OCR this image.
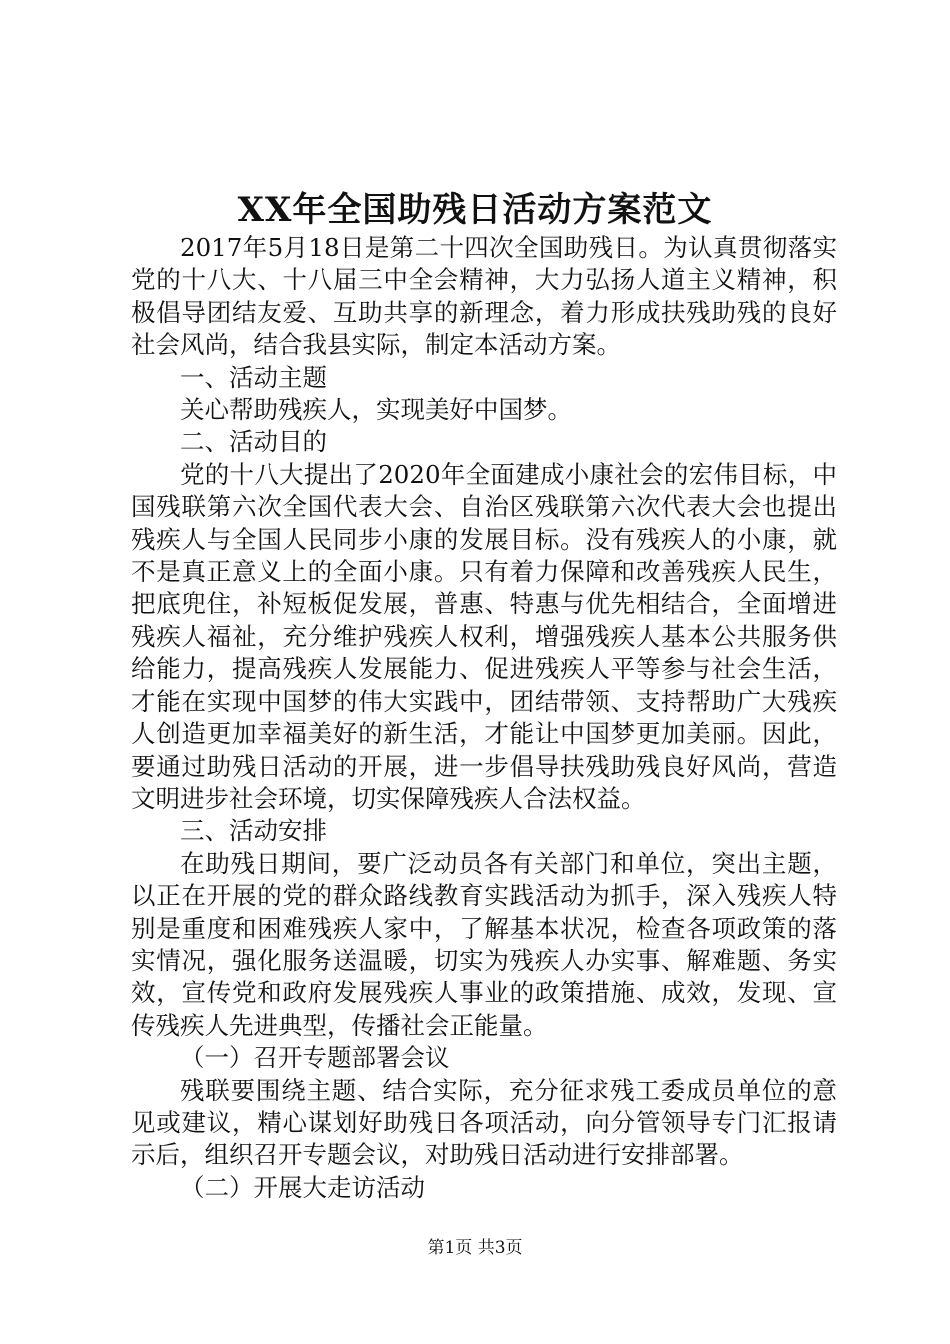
XX年全国助残日活动方案范文

2017年5月18日是第二十四次全国助残日。为认真贯彻落实党的十八大、十八届三中全会精神，大力弘扬人道主义精神，积极倡导团结友爱、互助共享的新理念，着力形成扶残助残的良好社会风尚，结合我县实际，制定本活动方案。

一、活动主题

关心帮助残疾人，实现美好中国梦。

二、活动目的

党的十八大提出了2020年全面建成小康社会的宏伟目标，中国残联第六次全国代表大会、自治区残联第六次代表大会也提出残疾人与全国人民同步小康的发展目标。没有残疾人的小康，就不是真正意义上的全面小康。只有着力保障和改善残疾人民生，把底兜住，补短板促发展，普惠、特惠与优先相结合，全面增进残疾人福祉，充分维护残疾人权利，增强残疾人基本公共服务供给能力，提高残疾人发展能力、促进残疾人平等参与社会生活，才能在实现中国梦的伟大实践中，团结带领、支持帮助广大残疾人创造更加幸福美好的新生活，才能让中国梦更加美丽。因此，要通过助残日活动的开展，进一步倡导扶残助残良好风尚，营造文明进步社会环境，切实保障残疾人合法权益。

三、活动安排

在助残日期间，要广泛动员各有关部门和单位，突出主题，以正在开展的党的群众路线教育实践活动为抓手，深入残疾人特别是重度和困难残疾人家中，了解基本状况，检查各项政策的落实情况，强化服务送温暖，切实为残疾人办实事、解难题、务实效，宣传党和政府发展残疾人事业的政策措施、成效，发现、宣传残疾人先进典型，传播社会正能量。

（一）召开专题部署会议

残联要围绕主题、结合实际，充分征求残工委成员单位的意见或建议，精心谋划好助残日各项活动，向分管领导专门汇报请示后，组织召开专题会议，对助残日活动进行安排部署。

（二）开展大走访活动

第1页 共3页
